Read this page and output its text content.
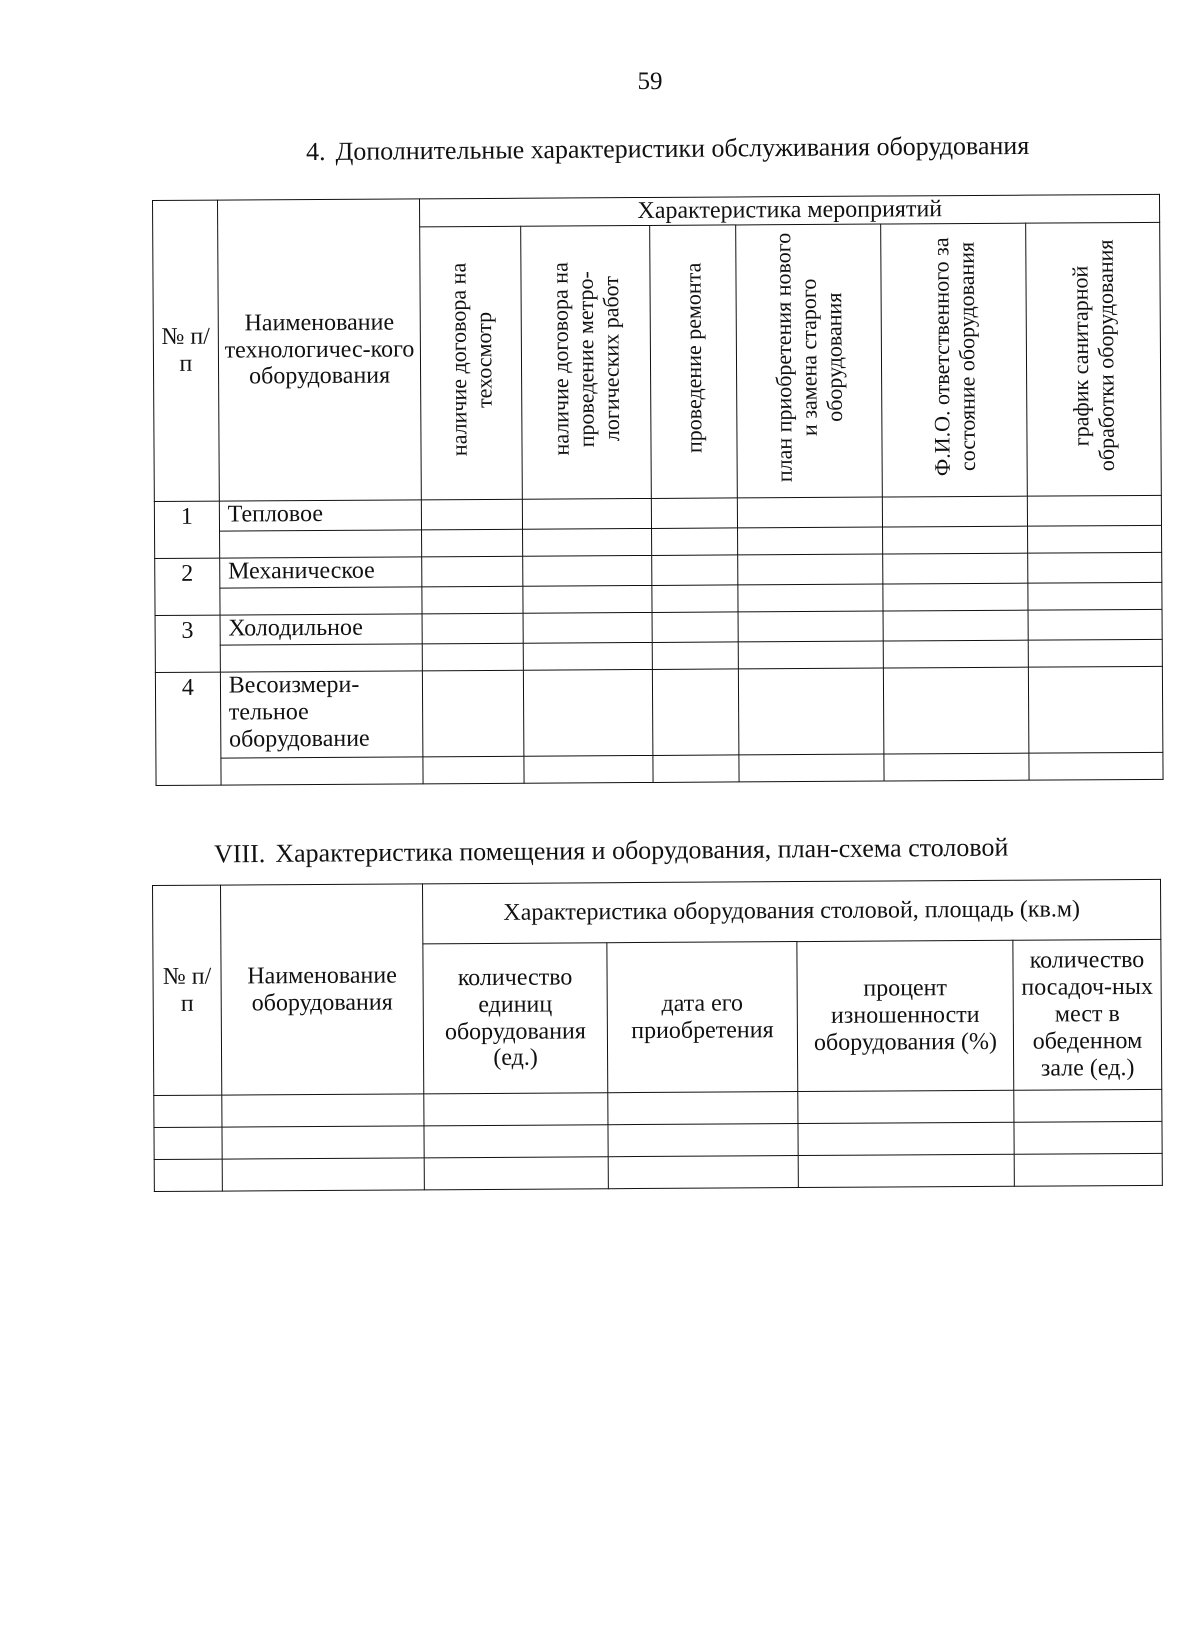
59
4. Дополнительные характеристики обслуживания оборудования
№ п/п	Наименование технологичес-кого оборудования	Характеристика мероприятий					
		наличие договора на техосмотр	наличие договора на проведение метро-логических работ	проведение ремонта	план приобретения нового и замена старого оборудования	Ф.И.О. ответственного за состояние оборудования	график санитарной обработки оборудования
1	Тепловое						

2	Механическое						

3	Холодильное						

4	Весоизмери-тельное оборудование						

VIII. Характеристика помещения и оборудования, план-схема столовой
№ п/п	Наименование оборудования	Характеристика оборудования столовой, площадь (кв.м)			
		количество единиц оборудования (ед.)	дата его приобретения	процент изношенности оборудования (%)	количество посадоч-ных мест в обеденном зале (ед.)
